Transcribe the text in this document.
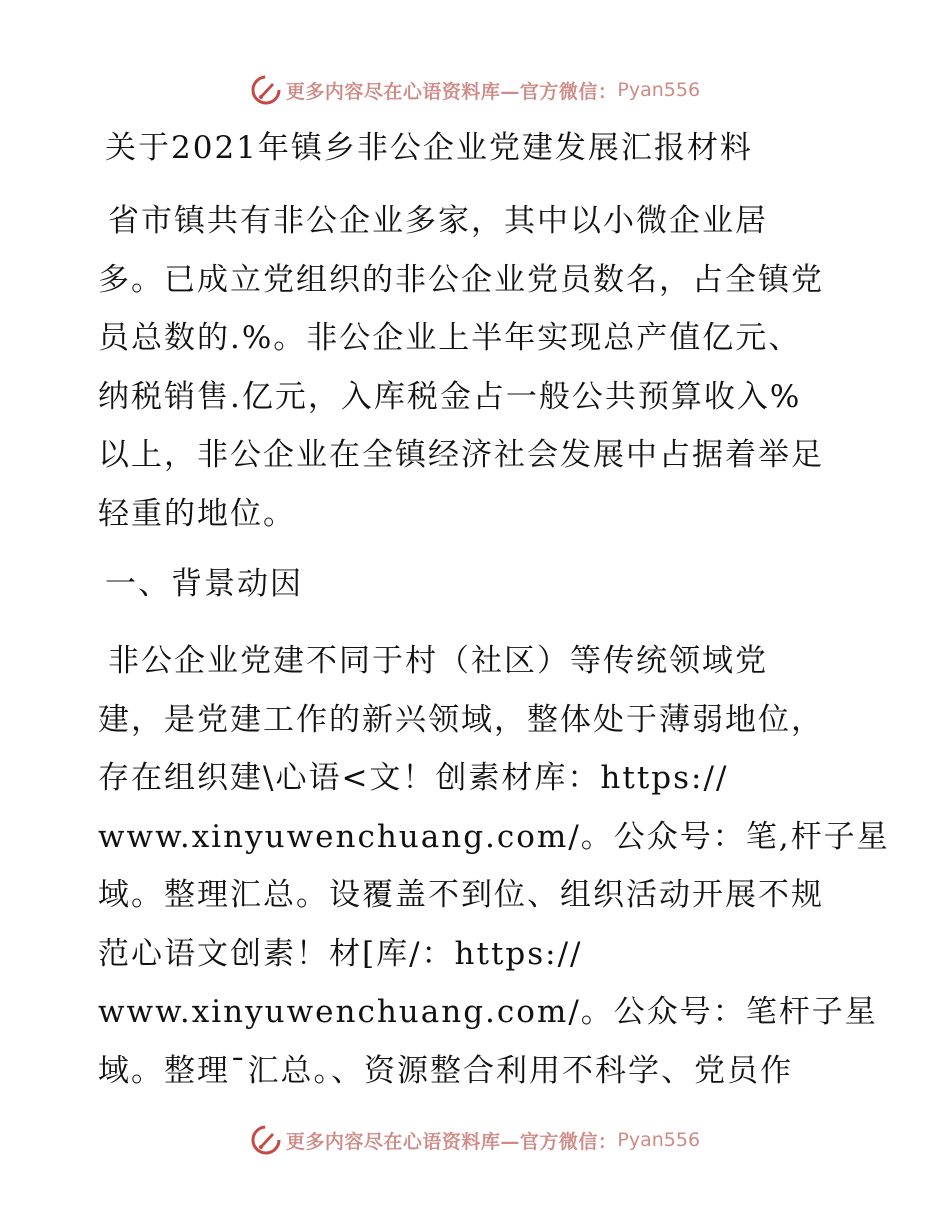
更多内容尽在心语资料库—官方微信： Pyan556
关于2021年镇乡非公企业党建发展汇报材料
省市镇共有非公企业多家，其中以小微企业居
多。已成立党组织的非公企业党员数名，占全镇党
员总数的.%。非公企业上半年实现总产值亿元、
纳税销售.亿元，入库税金占一般公共预算收入%
以上，非公企业在全镇经济社会发展中占据着举足
轻重的地位。
一、背景动因
非公企业党建不同于村（社区）等传统领域党
建，是党建工作的新兴领域，整体处于薄弱地位，
存在组织建\心语<文！创素材库：https://
www.xinyuwenchuang.com/。公众号：笔,杆子星
域。整理汇总。设覆盖不到位、组织活动开展不规
范心语文创素！材[库/：https://
www.xinyuwenchuang.com/。公众号：笔杆子星
域。整理¯汇总。、资源整合利用不科学、党员作
更多内容尽在心语资料库—官方微信： Pyan556
